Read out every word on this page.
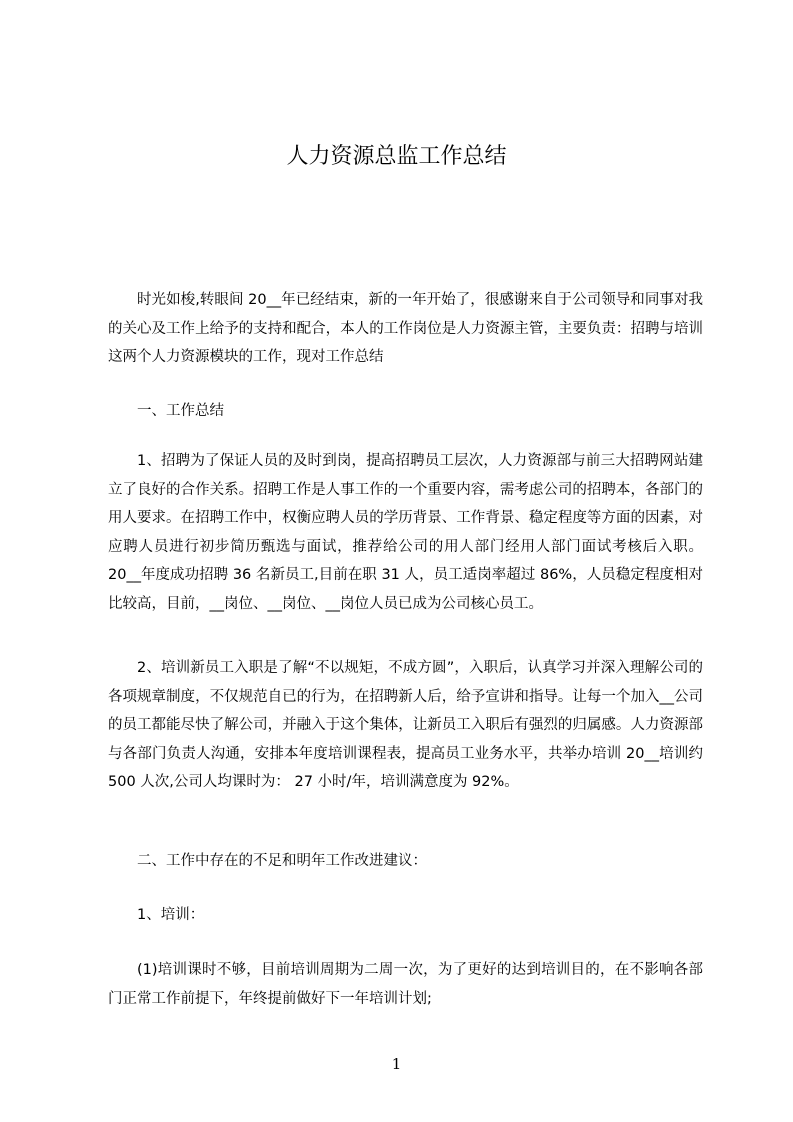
人力资源总监工作总结

时光如梭,转眼间 20__年已经结束，新的一年开始了，很感谢来自于公司领导和同事对我的关心及工作上给予的支持和配合，本人的工作岗位是人力资源主管，主要负责：招聘与培训这两个人力资源模块的工作，现对工作总结

一、工作总结

1、招聘为了保证人员的及时到岗，提高招聘员工层次，人力资源部与前三大招聘网站建立了良好的合作关系。招聘工作是人事工作的一个重要内容，需考虑公司的招聘本，各部门的用人要求。在招聘工作中，权衡应聘人员的学历背景、工作背景、稳定程度等方面的因素，对应聘人员进行初步简历甄选与面试，推荐给公司的用人部门经用人部门面试考核后入职。20__年度成功招聘 36 名新员工,目前在职 31 人，员工适岗率超过 86%，人员稳定程度相对比较高，目前，__岗位、__岗位、__岗位人员已成为公司核心员工。

2、培训新员工入职是了解“不以规矩，不成方圆”，入职后，认真学习并深入理解公司的各项规章制度，不仅规范自已的行为，在招聘新人后，给予宣讲和指导。让每一个加入__公司的员工都能尽快了解公司，并融入于这个集体，让新员工入职后有强烈的归属感。人力资源部与各部门负责人沟通，安排本年度培训课程表，提高员工业务水平，共举办培训 20__培训约 500 人次,公司人均课时为： 27 小时/年，培训满意度为 92%。

二、工作中存在的不足和明年工作改进建议：

1、培训：

(1)培训课时不够，目前培训周期为二周一次，为了更好的达到培训目的，在不影响各部门正常工作前提下，年终提前做好下一年培训计划;

1
